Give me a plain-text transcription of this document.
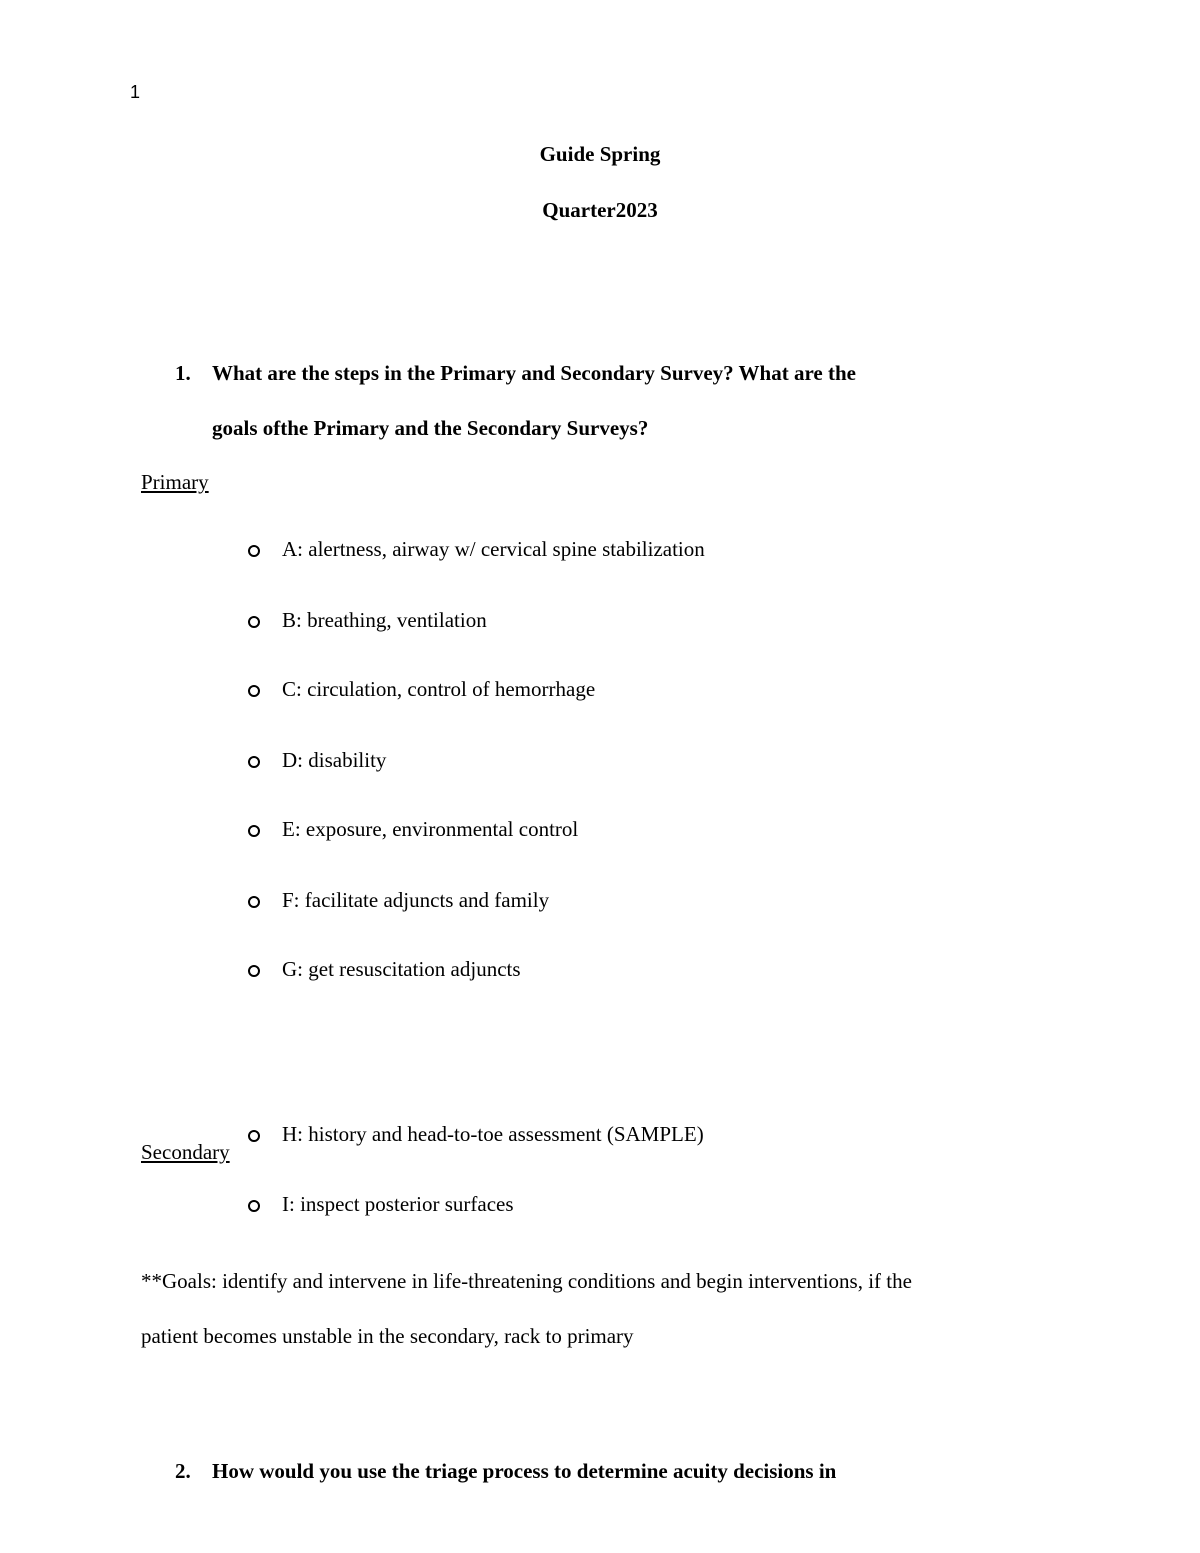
1
Guide Spring
Quarter2023
1. What are the steps in the Primary and Secondary Survey? What are the
goals ofthe Primary and the Secondary Surveys?
Primary
A: alertness, airway w/ cervical spine stabilization
B: breathing, ventilation
C: circulation, control of hemorrhage
D: disability
E: exposure, environmental control
F: facilitate adjuncts and family
G: get resuscitation adjuncts
Secondary
H: history and head-to-toe assessment (SAMPLE)
I: inspect posterior surfaces
**Goals: identify and intervene in life-threatening conditions and begin interventions, if the
patient becomes unstable in the secondary, rack to primary
2. How would you use the triage process to determine acuity decisions in
